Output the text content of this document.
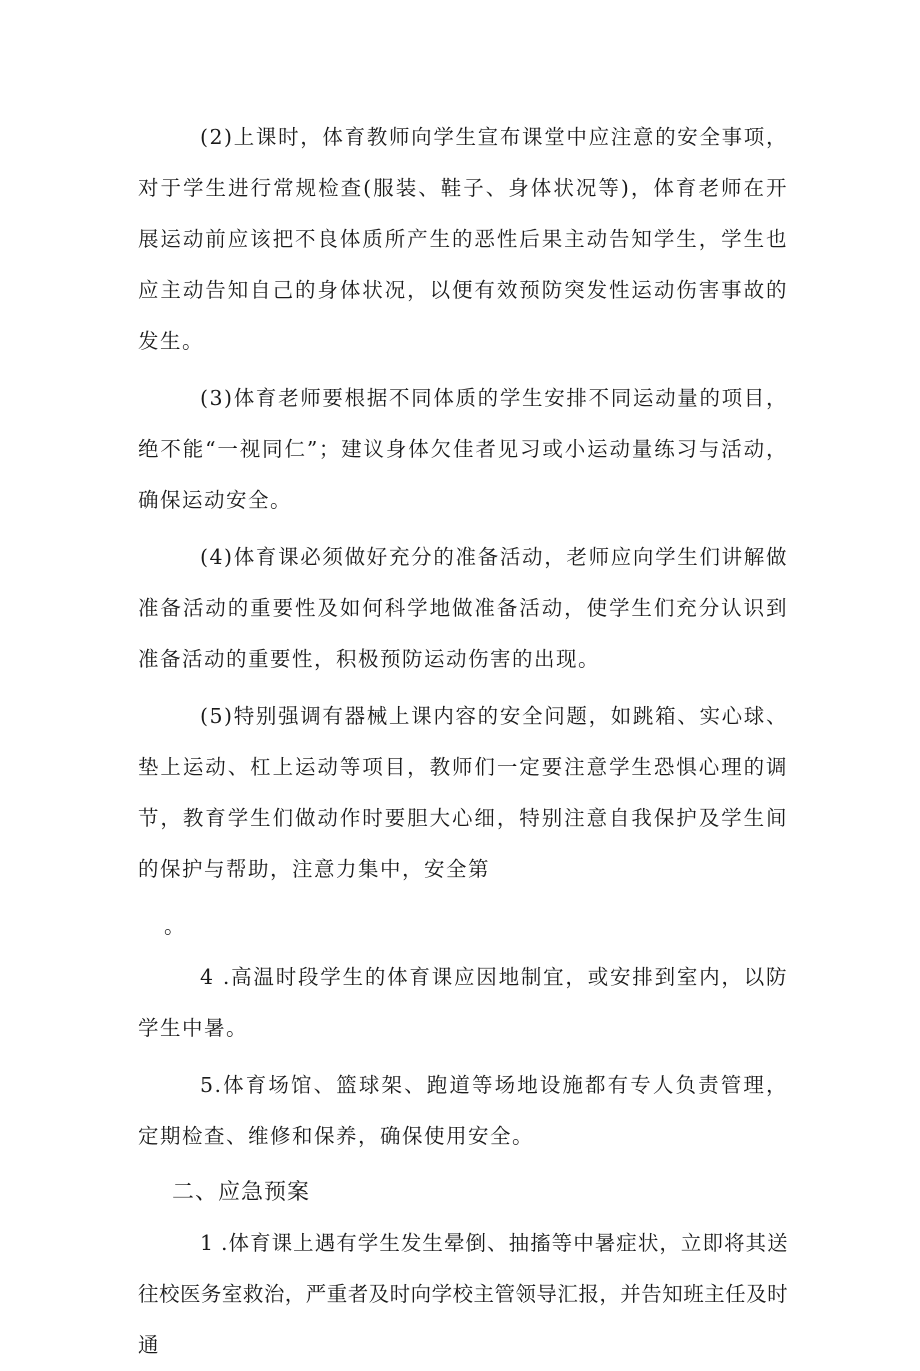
(2)上课时，体育教师向学生宣布课堂中应注意的安全事项，对于学生进行常规检查(服装、鞋子、身体状况等)，体育老师在开展运动前应该把不良体质所产生的恶性后果主动告知学生，学生也应主动告知自己的身体状况，以便有效预防突发性运动伤害事故的发生。

(3)体育老师要根据不同体质的学生安排不同运动量的项目，绝不能“一视同仁”；建议身体欠佳者见习或小运动量练习与活动，确保运动安全。

(4)体育课必须做好充分的准备活动，老师应向学生们讲解做准备活动的重要性及如何科学地做准备活动，使学生们充分认识到准备活动的重要性，积极预防运动伤害的出现。

(5)特别强调有器械上课内容的安全问题，如跳箱、实心球、垫上运动、杠上运动等项目，教师们一定要注意学生恐惧心理的调节，教育学生们做动作时要胆大心细，特别注意自我保护及学生间的保护与帮助，注意力集中，安全第

。

4 .高温时段学生的体育课应因地制宜，或安排到室内，以防学生中暑。

5.体育场馆、篮球架、跑道等场地设施都有专人负责管理，定期检查、维修和保养，确保使用安全。

二、应急预案

1 .体育课上遇有学生发生晕倒、抽搐等中暑症状，立即将其送往校医务室救治，严重者及时向学校主管领导汇报，并告知班主任及时通
